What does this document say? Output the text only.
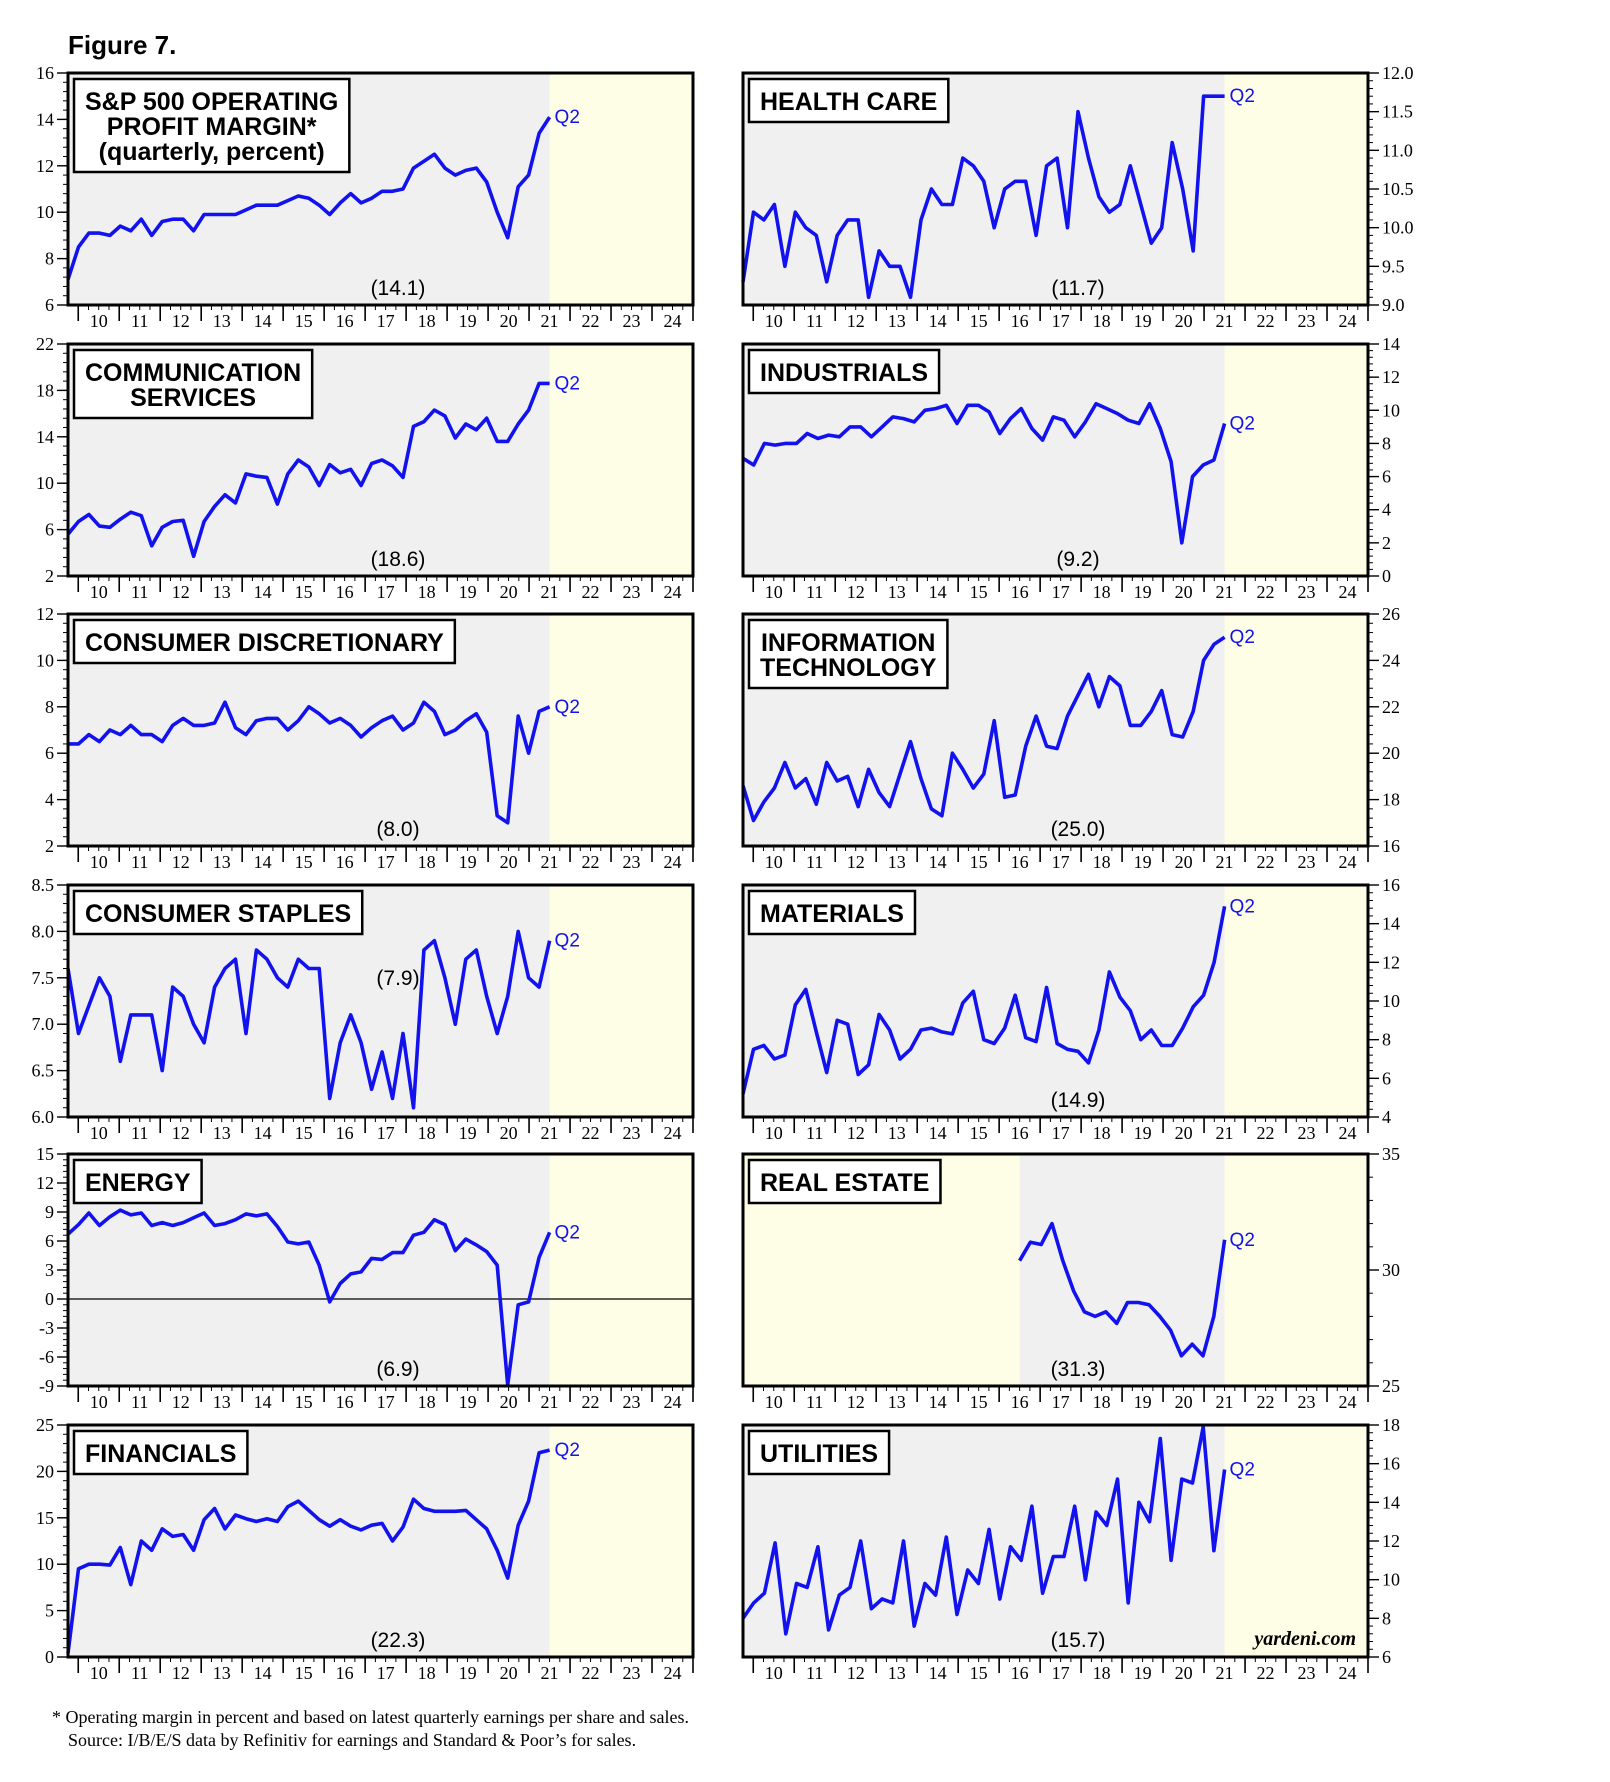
Figure 7.
10 11 12 13 14 15 16 17 18 19 20 21 22 23 24
6
8
10
12
14
16
S&P 500 OPERATING
PROFIT MARGIN*
(quarterly, percent)
(14.1)
Q2
10 11 12 13 14 15 16 17 18 19 20 21 22 23 24
9.0
9.5
10.0
10.5
11.0
11.5
12.0
HEALTH CARE
(11.7)
Q2
10 11 12 13 14 15 16 17 18 19 20 21 22 23 24
2
6
10
14
18
22
COMMUNICATION
SERVICES
(18.6)
Q2
10 11 12 13 14 15 16 17 18 19 20 21 22 23 24
0
2
4
6
8
10
12
14
INDUSTRIALS
(9.2)
Q2
10 11 12 13 14 15 16 17 18 19 20 21 22 23 24
2
4
6
8
10
12
CONSUMER DISCRETIONARY
(8.0)
Q2
10 11 12 13 14 15 16 17 18 19 20 21 22 23 24
16
18
20
22
24
26
INFORMATION
TECHNOLOGY
(25.0)
Q2
10 11 12 13 14 15 16 17 18 19 20 21 22 23 24
6.0
6.5
7.0
7.5
8.0
8.5
CONSUMER STAPLES
(7.9)
Q2
10 11 12 13 14 15 16 17 18 19 20 21 22 23 24
4
6
8
10
12
14
16
MATERIALS
(14.9)
Q2
10 11 12 13 14 15 16 17 18 19 20 21 22 23 24
-9
-6
-3
0
3
6
9
12
15
ENERGY
(6.9)
Q2
10 11 12 13 14 15 16 17 18 19 20 21 22 23 24
25
30
35
REAL ESTATE
(31.3)
Q2
10 11 12 13 14 15 16 17 18 19 20 21 22 23 24
0
5
10
15
20
25
FINANCIALS
(22.3)
Q2
10 11 12 13 14 15 16 17 18 19 20 21 22 23 24
6
8
10
12
14
16
18
UTILITIES
(15.7)
Q2
yardeni.com
* Operating margin in percent and based on latest quarterly earnings per share and sales.
Source: I/B/E/S data by Refinitiv for earnings and Standard & Poor’s for sales.
